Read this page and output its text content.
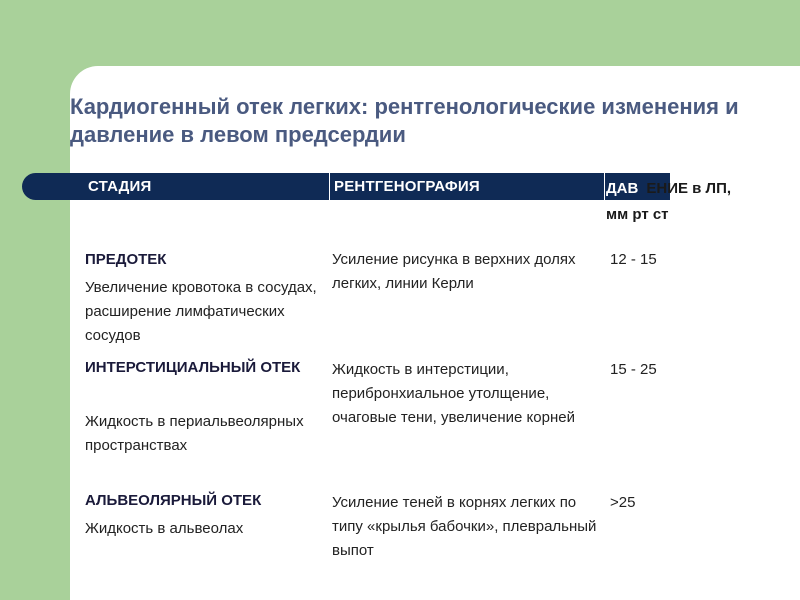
Кардиогенный отек легких: рентгенологические изменения и давление в левом предсердии
СТАДИЯ	РЕНТГЕНОГРАФИЯ	ДАВ ЕНИЕ в ЛП,
мм рт ст
ПРЕДОТЕК
Увеличение кровотока в сосудах, расширение лимфатических сосудов
Усиление рисунка в верхних долях легких, линии Керли
12 - 15
ИНТЕРСТИЦИАЛЬНЫЙ ОТЕК
Жидкость в периальвеолярных пространствах
Жидкость в интерстиции, перибронхиальное утолщение, очаговые тени, увеличение корней
15 - 25
АЛЬВЕОЛЯРНЫЙ ОТЕК
Жидкость в альвеолах
Усиление теней в корнях легких по типу «крылья бабочки», плевральный выпот
>25
